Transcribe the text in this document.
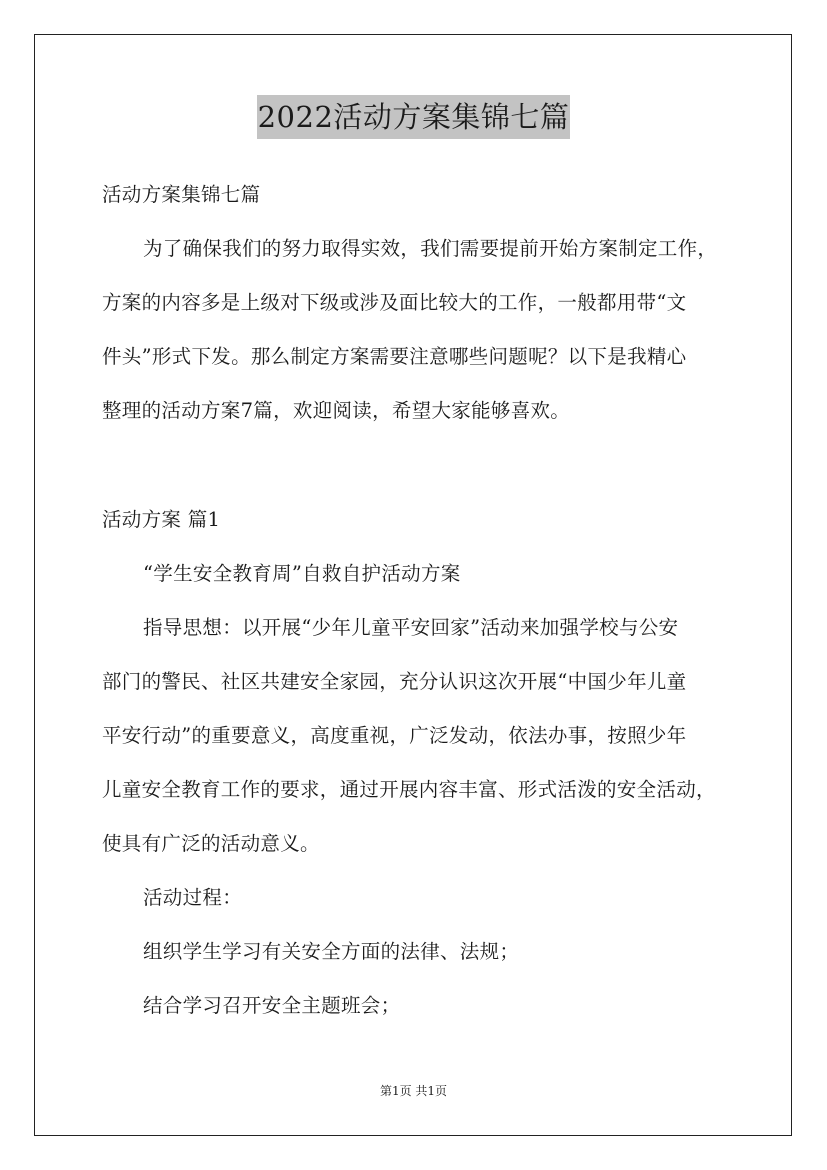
2022活动方案集锦七篇
活动方案集锦七篇
为了确保我们的努力取得实效，我们需要提前开始方案制定工作，
方案的内容多是上级对下级或涉及面比较大的工作，一般都用带“文
件头”形式下发。那么制定方案需要注意哪些问题呢？以下是我精心
整理的活动方案7篇，欢迎阅读，希望大家能够喜欢。
活动方案 篇1
“学生安全教育周”自救自护活动方案
指导思想：以开展“少年儿童平安回家”活动来加强学校与公安
部门的警民、社区共建安全家园，充分认识这次开展“中国少年儿童
平安行动”的重要意义，高度重视，广泛发动，依法办事，按照少年
儿童安全教育工作的要求，通过开展内容丰富、形式活泼的安全活动，
使具有广泛的活动意义。
活动过程：
组织学生学习有关安全方面的法律、法规；
结合学习召开安全主题班会；
第1页 共1页
